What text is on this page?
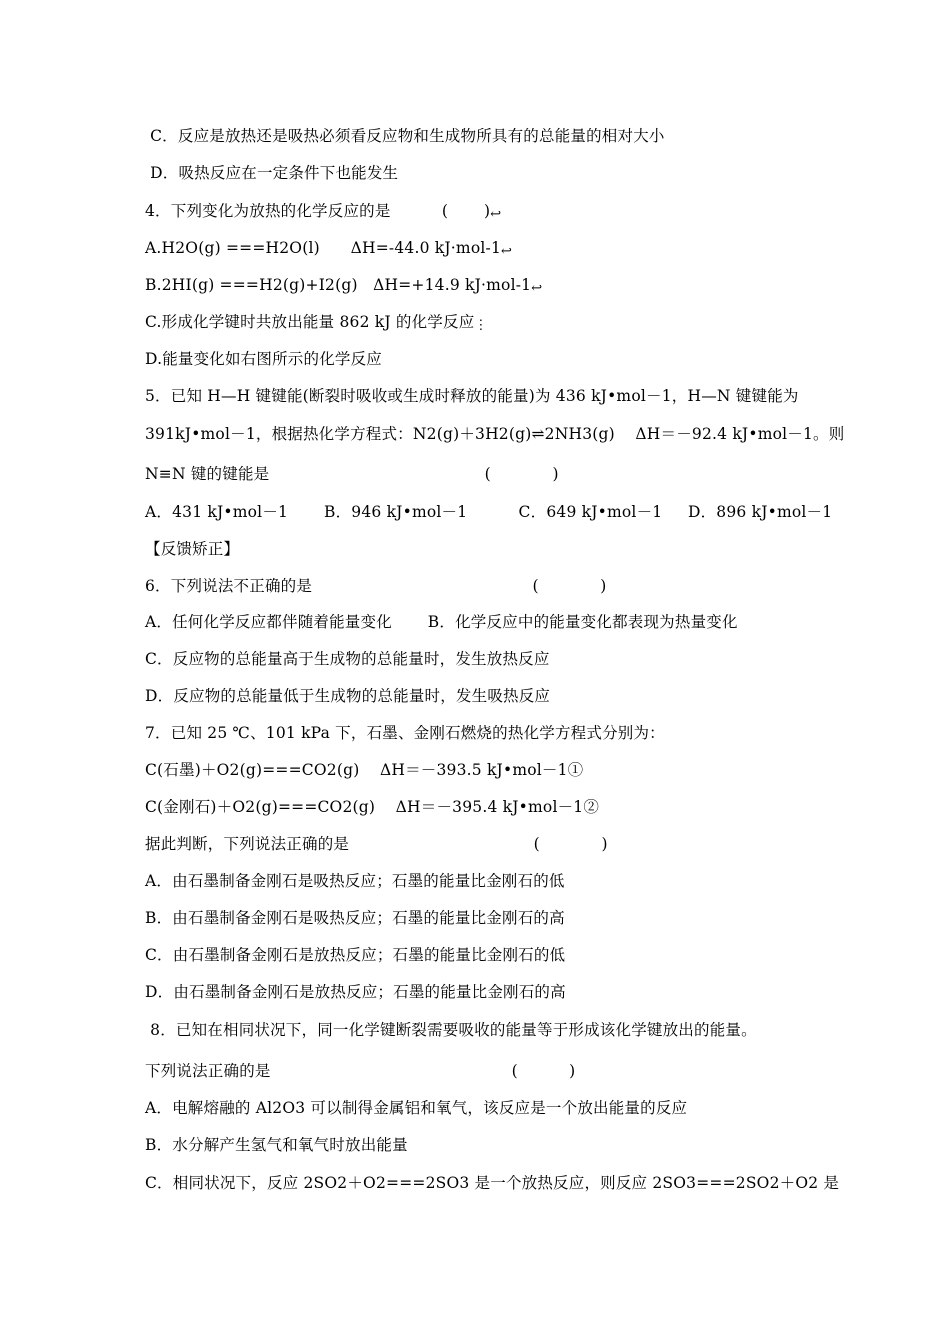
C．反应是放热还是吸热必须看反应物和生成物所具有的总能量的相对大小
D．吸热反应在一定条件下也能发生
4．下列变化为放热的化学反应的是          (       )↩
A.H2O(g) ===H2O(l)      ΔH=-44.0 kJ·mol-1↩
B.2HI(g) ===H2(g)+I2(g)   ΔH=+14.9 kJ·mol-1↩
C.形成化学键时共放出能量 862 kJ 的化学反应⋮
D.能量变化如右图所示的化学反应
5．已知 H—H 键键能(断裂时吸收或生成时释放的能量)为 436 kJ•mol－1，H—N 键键能为
391kJ•mol－1，根据热化学方程式：N2(g)＋3H2(g)⇌2NH3(g)    ΔH＝－92.4 kJ•mol－1。则
N≡N 键的键能是                                          (            )
A．431 kJ•mol－1       B．946 kJ•mol－1          C．649 kJ•mol－1     D．896 kJ•mol－1
【反馈矫正】
6．下列说法不正确的是                                           (            )
A．任何化学反应都伴随着能量变化       B．化学反应中的能量变化都表现为热量变化
C．反应物的总能量高于生成物的总能量时，发生放热反应
D．反应物的总能量低于生成物的总能量时，发生吸热反应
7．已知 25 ℃、101 kPa 下，石墨、金刚石燃烧的热化学方程式分别为：
C(石墨)＋O2(g)===CO2(g)    ΔH＝－393.5 kJ•mol－1①
C(金刚石)＋O2(g)===CO2(g)    ΔH＝－395.4 kJ•mol－1②
据此判断，下列说法正确的是                                    (            )
A．由石墨制备金刚石是吸热反应；石墨的能量比金刚石的低
B．由石墨制备金刚石是吸热反应；石墨的能量比金刚石的高
C．由石墨制备金刚石是放热反应；石墨的能量比金刚石的低
D．由石墨制备金刚石是放热反应；石墨的能量比金刚石的高
8．已知在相同状况下，同一化学键断裂需要吸收的能量等于形成该化学键放出的能量。
下列说法正确的是                                               (          )
A．电解熔融的 Al2O3 可以制得金属铝和氧气，该反应是一个放出能量的反应
B．水分解产生氢气和氧气时放出能量
C．相同状况下，反应 2SO2＋O2===2SO3 是一个放热反应，则反应 2SO3===2SO2＋O2 是
